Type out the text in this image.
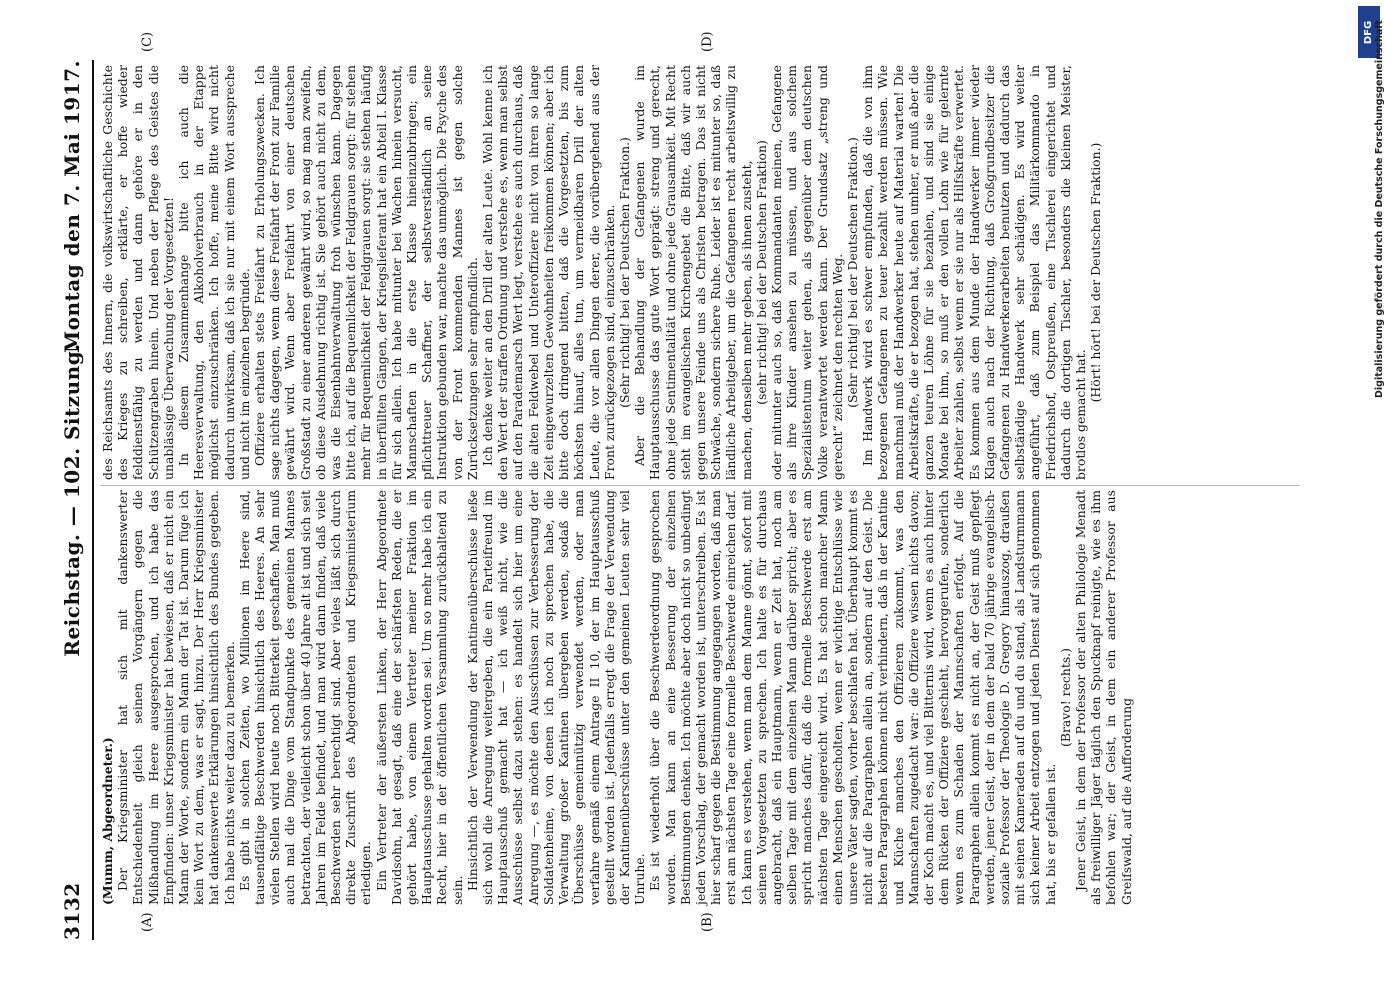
3132
Reichstag. — 102. Sitzung.
Montag den 7. Mai 1917.
(A)	(B)
(C)	(D)

(Mumm, Abgeordneter.) Der Kriegsminister hat sich mit dankenswerter Entschiedenheit gleich seinen Vorgängern gegen die Mißhandlung im Heere ausgesprochen, und ich habe das Empfinden: unser Kriegsminister hat bewiesen, daß er nicht ein Mann der Worte, sondern ein Mann der Tat ist. Darum füge ich kein Wort zu dem, was er sagt, hinzu. Der Herr Kriegsminister hat dankenswerte Erklärungen hinsichtlich des Bundes gegeben. Ich habe nichts weiter dazu zu bemerken. Es gibt in solchen Zeiten, wo Millionen im Heere sind, tausendfältige Beschwerden hinsichtlich des Heeres. An sehr vielen Stellen wird heute noch Bitterkeit geschaffen. Man muß auch mal die Dinge vom Standpunkte des gemeinen Mannes betrachten, der vielleicht schon über 40 Jahre alt ist und sich seit Jahren im Felde befindet, und man wird dann finden, daß viele Beschwerden sehr berechtigt sind. Aber vieles läßt sich durch direkte Zuschrift des Abgeordneten und Kriegsministerium erledigen. Ein Vertreter der äußersten Linken, der Herr Abgeordnete Davidsohn, hat gesagt, daß eine der schärfsten Reden, die er gehört habe, von einem Vertreter meiner Fraktion im Hauptausschusse gehalten worden sei. Um so mehr habe ich ein Recht, hier in der öffentlichen Versammlung zurückhaltend zu sein. Hinsichtlich der Verwendung der Kantinenüberschüsse ließe sich wohl die Anregung weitergeben, die ein Parteifreund im Hauptausschuß gemacht hat — ich weiß nicht, wie die Ausschüsse selbst dazu stehen: es handelt sich hier um eine Anregung —, es möchte den Ausschüssen zur Verbesserung der Soldatenheime, von denen ich noch zu sprechen habe, die Verwaltung großer Kantinen übergeben werden, sodaß die Überschüsse gemeinnützig verwendet werden, oder man verfahre gemäß einem Antrage II 10, der im Hauptausschuß gestellt worden ist. Jedenfalls erregt die Frage der Verwendung der Kantinenüberschüsse unter den gemeinen Leuten sehr viel Unruhe. Es ist wiederholt über die Beschwerdeordnung gesprochen worden. Man kann an eine Besserung der einzelnen Bestimmungen denken. Ich möchte aber doch nicht so unbedingt jeden Vorschlag, der gemacht worden ist, unterschreiben. Es ist hier scharf gegen die Bestimmung angegangen worden, daß man erst am nächsten Tage eine formelle Beschwerde einreichen darf. Ich kann es verstehen, wenn man dem Manne gönnt, sofort mit seinen Vorgesetzten zu sprechen. Ich halte es für durchaus angebracht, daß ein Hauptmann, wenn er Zeit hat, noch am selben Tage mit dem einzelnen Mann darüber spricht; aber es spricht manches dafür, daß die formelle Beschwerde erst am nächsten Tage eingereicht wird. Es hat schon mancher Mann einen Menschen gescholten, wenn er wichtige Entschlüsse wie unsere Väter sagten, vorher beschlafen hat. Überhaupt kommt es nicht auf die Paragraphen allein an, sondern auf den Geist. Die besten Paragraphen können nicht verhindern, daß in der Kantine und Küche manches den Offizieren zukommt, was den Mannschaften zugedacht war: die Offiziere wissen nichts davon; der Koch macht es, und viel Bitternis wird, wenn es auch hinter dem Rücken der Offiziere geschieht, hervorgerufen, sonderlich wenn es zum Schaden der Mannschaften erfolgt. Auf die Paragraphen allein kommt es nicht an, der Geist muß gepflegt werden, jener Geist, der in dem der bald 70 jährige evangelisch-soziale Professor der Theologie D. Gregory hinauszog, draußen mit seinen Kameraden auf du und du stand, als Landsturmmann sich keiner Arbeit entzogen und jeden Dienst auf sich genommen hat, bis er gefallen ist.

(Bravo! rechts.) Jener Geist, in dem der Professor der alten Philologie Menadt als freiwilliger Jäger täglich den Spucknapf reinigte, wie es ihm befohlen war; der Geist, in dem ein anderer Professor aus Greifswald, auf die Aufforderung

des Reichsamts des Innern, die volkswirtschaftliche Geschichte des Krieges zu schreiben, erklärte, er hoffe wieder felddienstfähig zu werden und dann gehöre er in den Schützengraben hinein. Und neben der Pflege des Geistes die unablässige Überwachung der Vorgesetzten! In diesem Zusammenhange bitte ich auch die Heeresverwaltung, den Alkoholverbrauch in der Etappe möglichst einzuschränken. Ich hoffe, meine Bitte wird nicht dadurch unwirksam, daß ich sie nur mit einem Wort ausspreche und nicht im einzelnen begründe. Offiziere erhalten stets Freifahrt zu Erholungszwecken. Ich sage nichts dagegen, wenn diese Freifahrt der Front zur Familie gewährt wird. Wenn aber Freifahrt von einer deutschen Großstadt zu einer anderen gewährt wird, so mag man zweifeln, ob diese Ausdehnung richtig ist. Sie gehört auch nicht zu dem, was die Eisenbahnverwaltung froh wünschen kann. Dagegen bitte ich, auf die Bequemlichkeit der Feldgrauen sorgt: für stehen mehr für Bequemlichkeit der Feldgrauen sorgt: sie stehen häufig in überfüllten Gängen, der Kriegslieferant hat ein Abteil I. Klasse für sich allein. Ich habe mitunter bei Wachen hinein versucht, Mannschaften in die erste Klasse hineinzubringen; ein pflichttreuer Schaffner, der selbstverständlich an seine Instruktion gebunden war, machte das unmöglich. Die Psyche des von der Front kommenden Mannes ist gegen solche Zurücksetzungen sehr empfindlich. Ich denke weiter an den Drill der alten Leute. Wohl kenne ich den Wert der straffen Ordnung und verstehe es, wenn man selbst auf den Parademarsch Wert legt, verstehe es auch durchaus, daß die alten Feldwebel und Unteroffiziere nicht von ihren so lange Zeit eingewurzelten Gewohnheiten freikommen können; aber ich bitte doch dringend bitten, daß die Vorgesetzten, bis zum höchsten hinauf, alles tun, um vermeidbaren Drill der alten Leute, die vor allen Dingen derer, die vorübergehend aus der Front zurückgezogen sind, einzuschränken. (Sehr richtig! bei der Deutschen Fraktion.) Aber die Behandlung der Gefangenen wurde im Hauptausschusse das gute Wort geprägt: streng und gerecht, ohne jede Sentimentalität und ohne jede Grausamkeit. Mit Recht steht im evangelischen Kirchengebet die Bitte, daß wir auch gegen unsere Feinde uns als Christen betragen. Das ist nicht Schwäche, sondern sichere Ruhe. Leider ist es mitunter so, daß ländliche Arbeitgeber, um die Gefangenen recht arbeitswillig zu machen, denselben mehr geben, als ihnen zusteht, (sehr richtig! bei der Deutschen Fraktion) oder mitunter auch so, daß Kommandanten meinen, Gefangene als ihre Kinder ansehen zu müssen, und aus solchem Spezialistentum weiter gehen, als gegenüber dem deutschen Volke verantwortet werden kann. Der Grundsatz „streng und gerecht“ zeichnet den rechten Weg. (Sehr richtig! bei der Deutschen Fraktion.) Im Handwerk wird es schwer empfunden, daß die von ihm bezogenen Gefangenen zu teuer bezahlt werden müssen. Wie manchmal muß der Handwerker heute auf Material warten! Die Arbeitskräfte, die er bezogen hat, stehen umher, er muß aber die ganzen teuren Löhne für sie bezahlen, und sind sie einige Monate bei ihm, so muß er den vollen Lohn wie für gelernte Arbeiter zahlen, selbst wenn er sie nur als Hilfskräfte verwertet. Es kommen aus dem Munde der Handwerker immer wieder Klagen auch nach der Richtung, daß Großgrundbesitzer die Gefangenen zu Handwerkerarbeiten benutzen und dadurch das selbständige Handwerk sehr schädigen. Es wird weiter angeführt, daß zum Beispiel das Militärkommando in Friedrichshof, Ostpreußen, eine Tischlerei eingerichtet und dadurch die dortigen Tischler, besonders die kleinen Meister, brotlos gemacht hat.

(Hört! hört! bei der Deutschen Fraktion.)

DFG Digitalisierung gefördert durch die Deutsche Forschungsgemeinschaft
